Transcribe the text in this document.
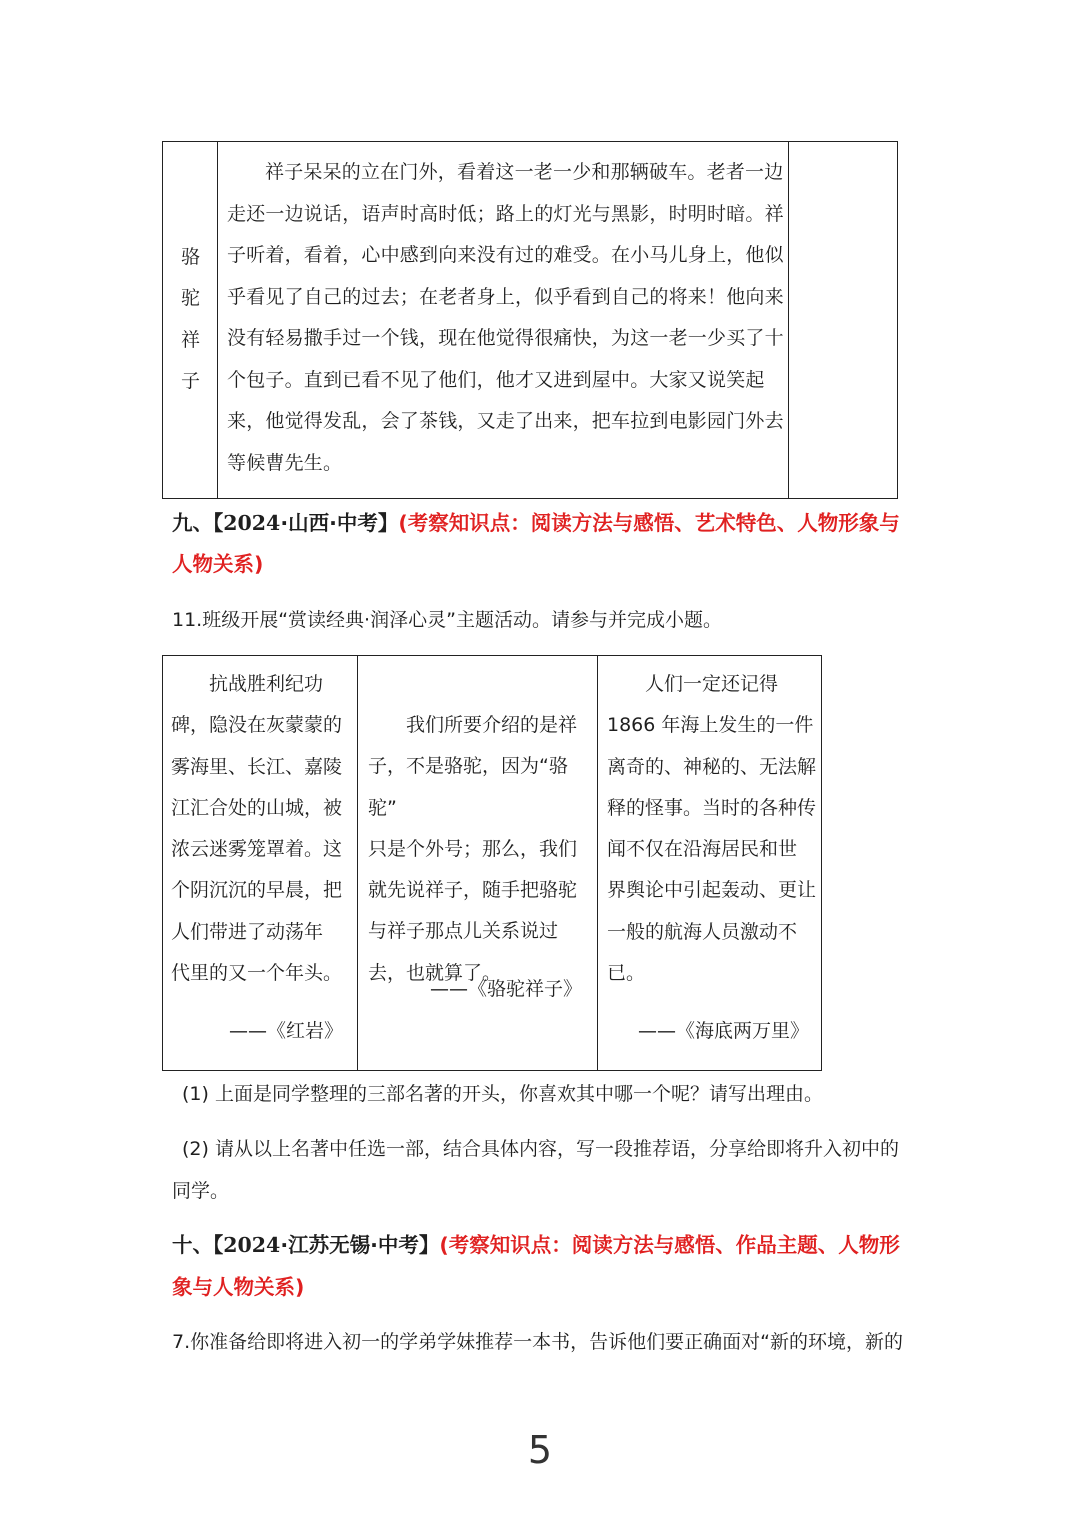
骆
驼
祥
子
祥子呆呆的立在门外，看着这一老一少和那辆破车。老者一边走还一边说话，语声时高时低；路上的灯光与黑影，时明时暗。祥子听着，看着，心中感到向来没有过的难受。在小马儿身上，他似乎看见了自己的过去；在老者身上，似乎看到自己的将来！他向来没有轻易撒手过一个钱，现在他觉得很痛快，为这一老一少买了十个包子。直到已看不见了他们，他才又进到屋中。大家又说笑起来，他觉得发乱，会了茶钱，又走了出来，把车拉到电影园门外去等候曹先生。
九、【2024·山西·中考】(考察知识点：阅读方法与感悟、艺术特色、人物形象与
人物关系)
11.班级开展“赏读经典·润泽心灵”主题活动。请参与并完成小题。
抗战胜利纪功
碑，隐没在灰蒙蒙的
雾海里、长江、嘉陵
江汇合处的山城，被
浓云迷雾笼罩着。这
个阴沉沉的早晨，把
人们带进了动荡年
代里的又一个年头。
——《红岩》
我们所要介绍的是祥
子，不是骆驼，因为“骆驼”
只是个外号；那么，我们
就先说祥子，随手把骆驼
与祥子那点儿关系说过
去，也就算了。
——《骆驼祥子》
人们一定还记得
1866 年海上发生的一件
离奇的、神秘的、无法解
释的怪事。当时的各种传
闻不仅在沿海居民和世
界舆论中引起轰动、更让
一般的航海人员激动不
已。
——《海底两万里》
(1) 上面是同学整理的三部名著的开头，你喜欢其中哪一个呢？请写出理由。
(2) 请从以上名著中任选一部，结合具体内容，写一段推荐语，分享给即将升入初中的
同学。
十、【2024·江苏无锡·中考】(考察知识点：阅读方法与感悟、作品主题、人物形
象与人物关系)
7.你准备给即将进入初一的学弟学妹推荐一本书，告诉他们要正确面对“新的环境，新的
5
